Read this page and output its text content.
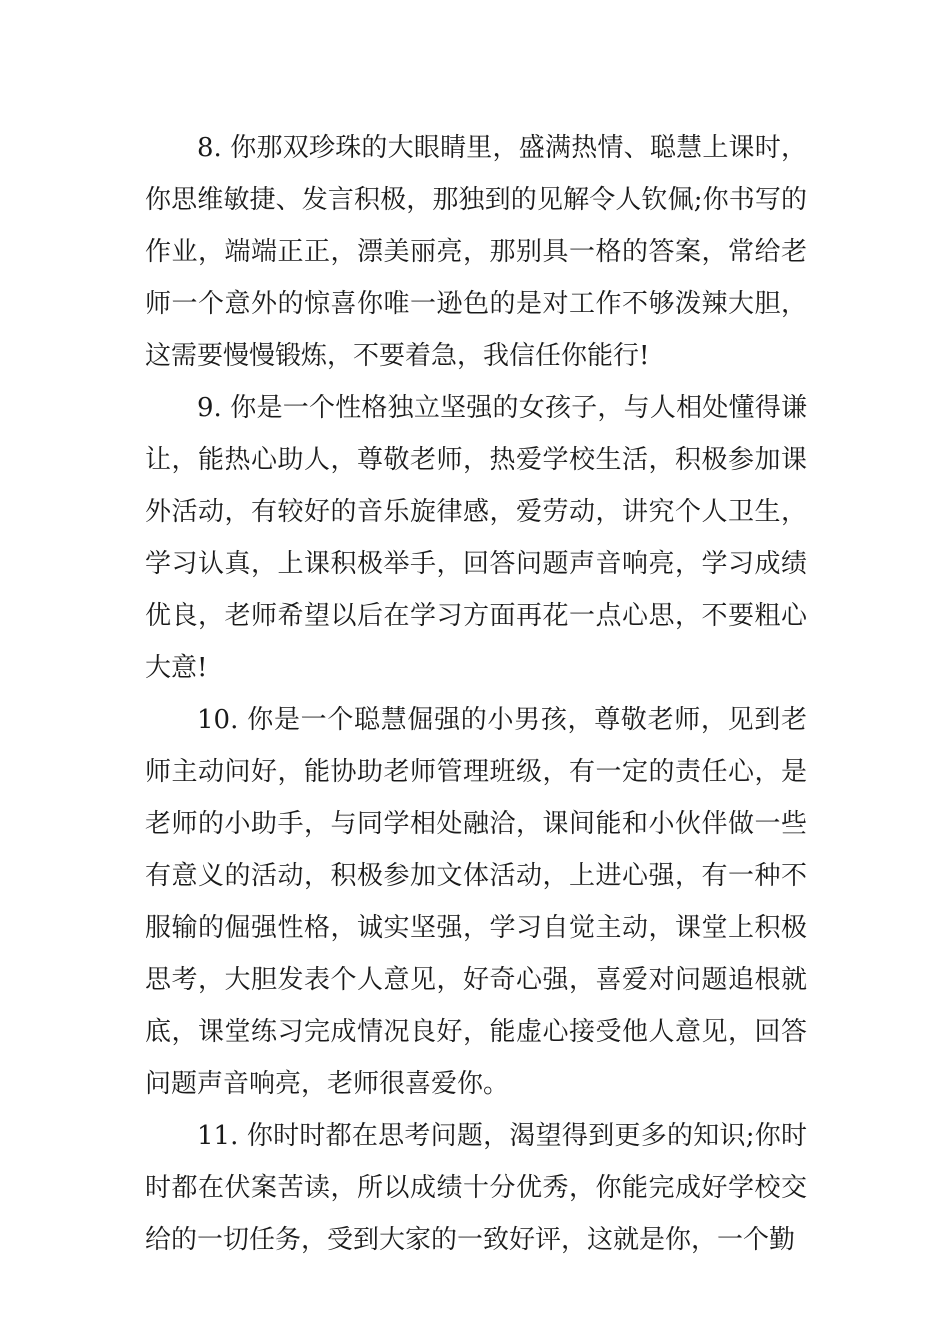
8. 你那双珍珠的大眼睛里，盛满热情、聪慧上课时，你思维敏捷、发言积极，那独到的见解令人钦佩;你书写的作业，端端正正，漂美丽亮，那别具一格的答案，常给老师一个意外的惊喜你唯一逊色的是对工作不够泼辣大胆，这需要慢慢锻炼，不要着急，我信任你能行!

9. 你是一个性格独立坚强的女孩子，与人相处懂得谦让，能热心助人，尊敬老师，热爱学校生活，积极参加课外活动，有较好的音乐旋律感，爱劳动，讲究个人卫生，学习认真，上课积极举手，回答问题声音响亮，学习成绩优良，老师希望以后在学习方面再花一点心思，不要粗心大意!

10. 你是一个聪慧倔强的小男孩，尊敬老师，见到老师主动问好，能协助老师管理班级，有一定的责任心，是老师的小助手，与同学相处融洽，课间能和小伙伴做一些有意义的活动，积极参加文体活动，上进心强，有一种不服输的倔强性格，诚实坚强，学习自觉主动，课堂上积极思考，大胆发表个人意见，好奇心强，喜爱对问题追根就底，课堂练习完成情况良好，能虚心接受他人意见，回答问题声音响亮，老师很喜爱你。

11. 你时时都在思考问题，渴望得到更多的知识;你时时都在伏案苦读，所以成绩十分优秀，你能完成好学校交给的一切任务，受到大家的一致好评，这就是你，一个勤
